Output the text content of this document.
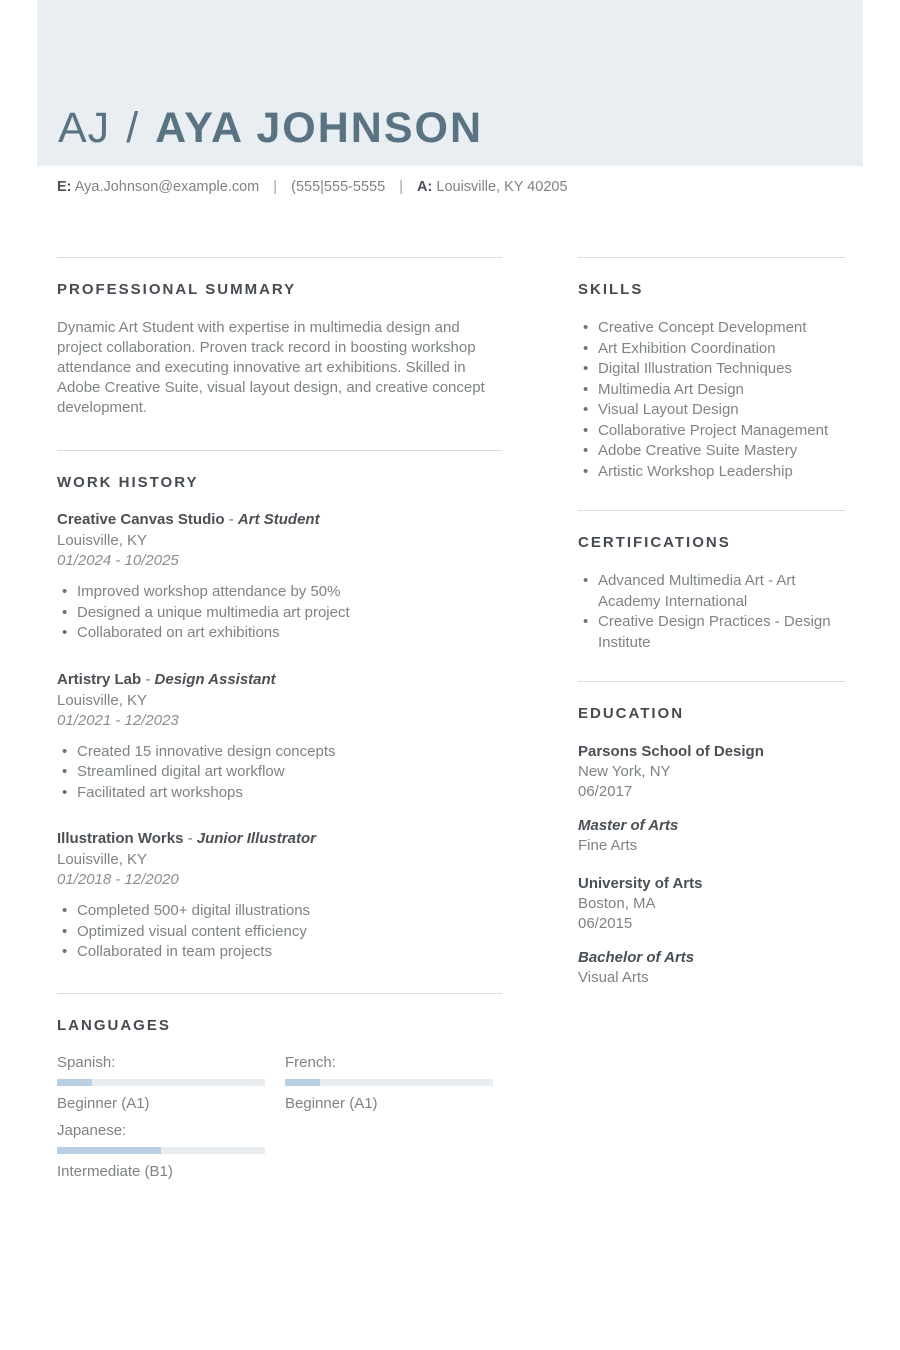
AJ / AYA JOHNSON
E: Aya.Johnson@example.com | (555|555-5555 | A: Louisville, KY 40205
PROFESSIONAL SUMMARY

Dynamic Art Student with expertise in multimedia design and project collaboration. Proven track record in boosting workshop attendance and executing innovative art exhibitions. Skilled in Adobe Creative Suite, visual layout design, and creative concept development.

WORK HISTORY
Creative Canvas Studio - Art Student
Louisville, KY
01/2024 - 10/2025
• Improved workshop attendance by 50%
• Designed a unique multimedia art project
• Collaborated on art exhibitions
Artistry Lab - Design Assistant
Louisville, KY
01/2021 - 12/2023
• Created 15 innovative design concepts
• Streamlined digital art workflow
• Facilitated art workshops
Illustration Works - Junior Illustrator
Louisville, KY
01/2018 - 12/2020
• Completed 500+ digital illustrations
• Optimized visual content efficiency
• Collaborated in team projects
LANGUAGES
Spanish:
Beginner (A1)
French:
Beginner (A1)
Japanese:
Intermediate (B1)
SKILLS
• Creative Concept Development
• Art Exhibition Coordination
• Digital Illustration Techniques
• Multimedia Art Design
• Visual Layout Design
• Collaborative Project Management
• Adobe Creative Suite Mastery
• Artistic Workshop Leadership
CERTIFICATIONS
• Advanced Multimedia Art - Art Academy International
• Creative Design Practices - Design Institute
EDUCATION
Parsons School of Design
New York, NY
06/2017
Master of Arts
Fine Arts
University of Arts
Boston, MA
06/2015
Bachelor of Arts
Visual Arts
